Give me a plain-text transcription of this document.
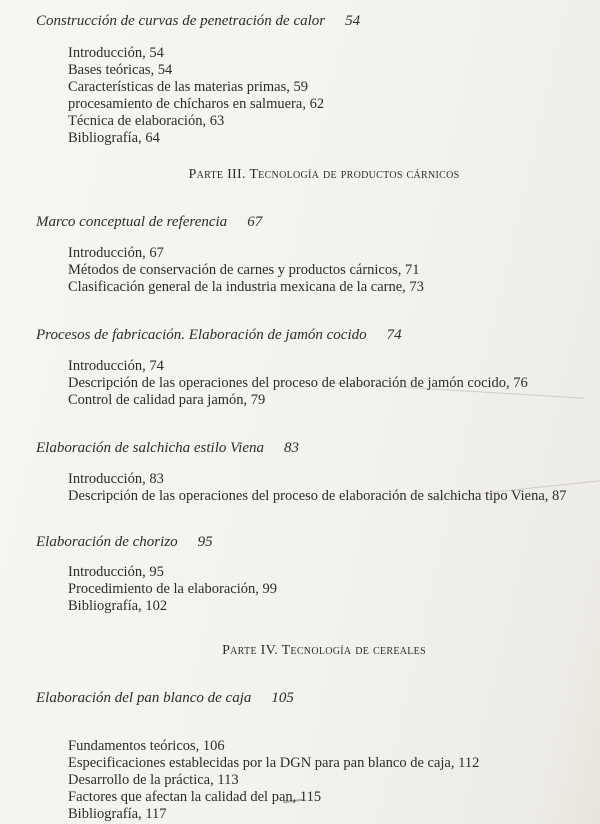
Construcción de curvas de penetración de calor 54
Introducción, 54
Bases teóricas, 54
Características de las materias primas, 59
procesamiento de chícharos en salmuera, 62
Técnica de elaboración, 63
Bibliografía, 64
Parte III. Tecnología de productos cárnicos
Marco conceptual de referencia 67
Introducción, 67
Métodos de conservación de carnes y productos cárnicos, 71
Clasificación general de la industria mexicana de la carne, 73
Procesos de fabricación. Elaboración de jamón cocido 74
Introducción, 74
Descripción de las operaciones del proceso de elaboración de jamón cocido, 76
Control de calidad para jamón, 79
Elaboración de salchicha estilo Viena 83
Introducción, 83
Descripción de las operaciones del proceso de elaboración de salchicha tipo Viena, 87
Elaboración de chorizo 95
Introducción, 95
Procedimiento de la elaboración, 99
Bibliografía, 102
Parte IV. Tecnología de cereales
Elaboración del pan blanco de caja 105
Fundamentos teóricos, 106
Especificaciones establecidas por la DGN para pan blanco de caja, 112
Desarrollo de la práctica, 113
Factores que afectan la calidad del pan, 115
Bibliografía, 117
